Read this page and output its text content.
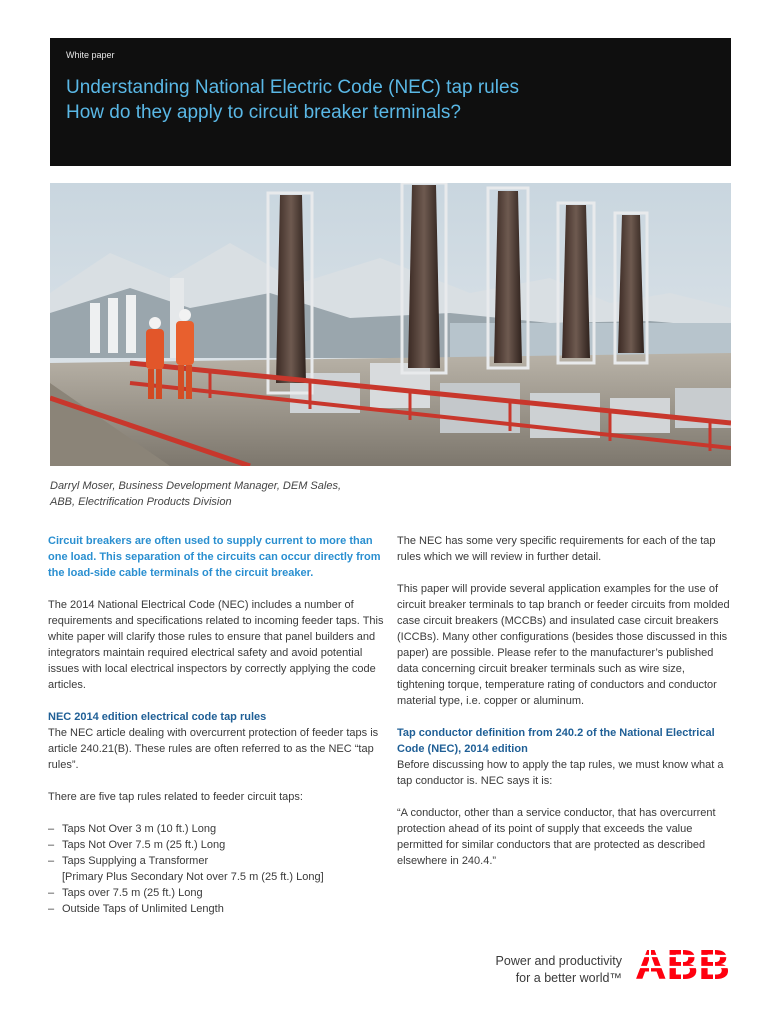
White paper
Understanding National Electric Code (NEC) tap rules
How do they apply to circuit breaker terminals?
Darryl Moser, Business Development Manager, DEM Sales,
ABB, Electrification Products Division

Circuit breakers are often used to supply current to more than one load. This separation of the circuits can occur directly from the load-side cable terminals of the circuit breaker.

The 2014 National Electrical Code (NEC) includes a number of requirements and specifications related to incoming feeder taps. This white paper will clarify those rules to ensure that panel builders and integrators maintain required electrical safety and avoid potential issues with local electrical inspectors by correctly applying the code articles.

NEC 2014 edition electrical code tap rules

The NEC article dealing with overcurrent protection of feeder taps is article 240.21(B). These rules are often referred to as the NEC “tap rules”.

There are five tap rules related to feeder circuit taps:

– Taps Not Over 3 m (10 ft.) Long
– Taps Not Over 7.5 m (25 ft.) Long
– Taps Supplying a Transformer
[Primary Plus Secondary Not over 7.5 m (25 ft.) Long]
– Taps over 7.5 m (25 ft.) Long
– Outside Taps of Unlimited Length

The NEC has some very specific requirements for each of the tap rules which we will review in further detail.

This paper will provide several application examples for the use of circuit breaker terminals to tap branch or feeder circuits from molded case circuit breakers (MCCBs) and insulated case circuit breakers (ICCBs). Many other configurations (besides those discussed in this paper) are possible. Please refer to the manufacturer’s published data concerning circuit breaker terminals such as wire size, tightening torque, temperature rating of conductors and conductor material type, i.e. copper or aluminum.

Tap conductor definition from 240.2 of the National Electrical Code (NEC), 2014 edition

Before discussing how to apply the tap rules, we must know what a tap conductor is. NEC says it is:

“A conductor, other than a service conductor, that has overcurrent protection ahead of its point of supply that exceeds the value permitted for similar conductors that are protected as described elsewhere in 240.4.”

Power and productivity
for a better world™ ABB
